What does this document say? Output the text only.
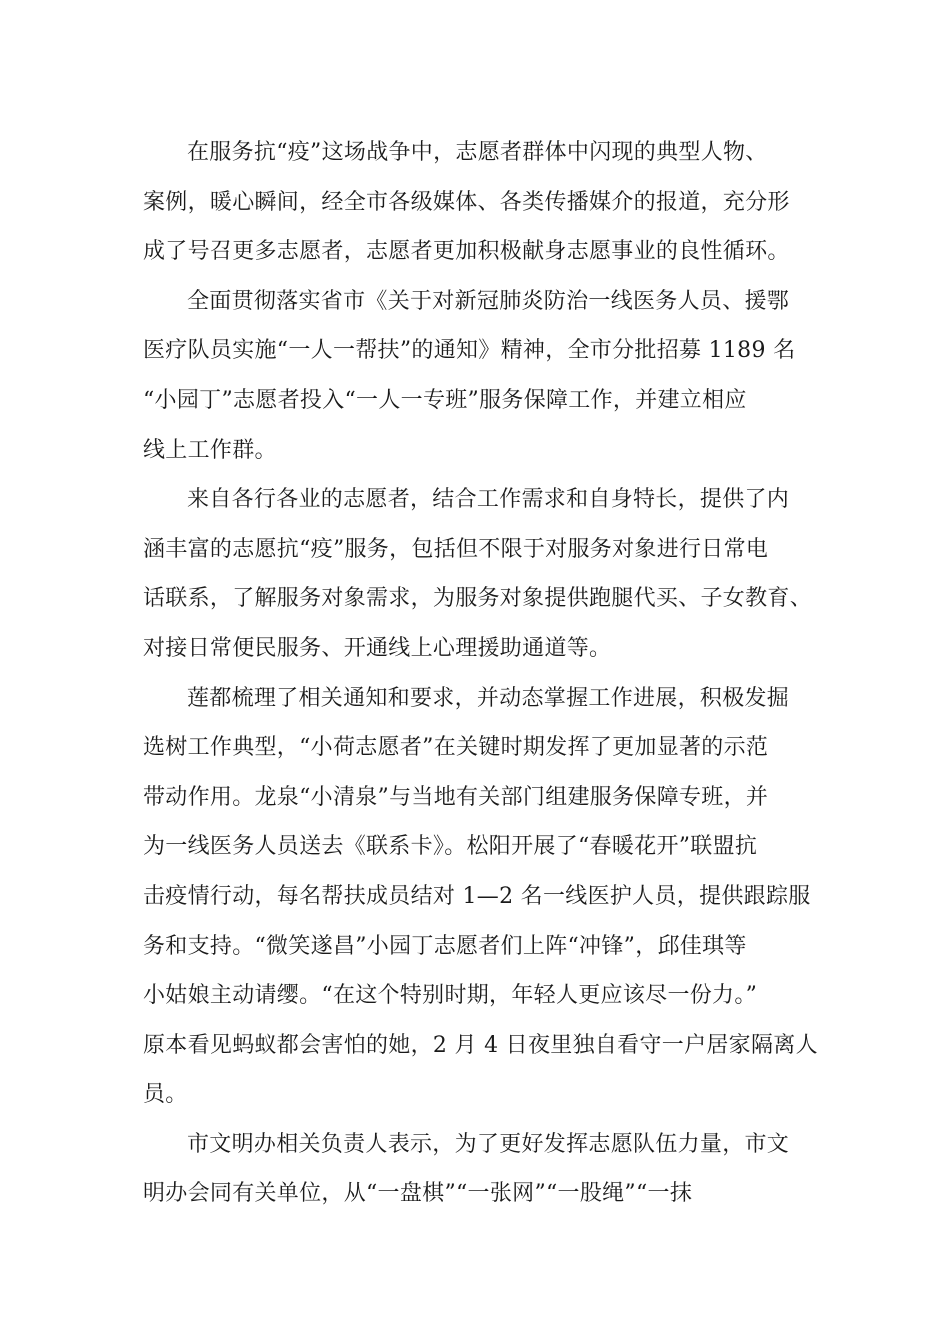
在服务抗“疫”这场战争中，志愿者群体中闪现的典型人物、
案例，暖心瞬间，经全市各级媒体、各类传播媒介的报道，充分形
成了号召更多志愿者，志愿者更加积极献身志愿事业的良性循环。

全面贯彻落实省市《关于对新冠肺炎防治一线医务人员、援鄂
医疗队员实施“一人一帮扶”的通知》精神，全市分批招募 1189 名
“小园丁”志愿者投入“一人一专班”服务保障工作，并建立相应
线上工作群。

来自各行各业的志愿者，结合工作需求和自身特长，提供了内
涵丰富的志愿抗“疫”服务，包括但不限于对服务对象进行日常电
话联系，了解服务对象需求，为服务对象提供跑腿代买、子女教育、
对接日常便民服务、开通线上心理援助通道等。

莲都梳理了相关通知和要求，并动态掌握工作进展，积极发掘
选树工作典型，“小荷志愿者”在关键时期发挥了更加显著的示范
带动作用。龙泉“小清泉”与当地有关部门组建服务保障专班，并
为一线医务人员送去《联系卡》。松阳开展了“春暖花开”联盟抗
击疫情行动，每名帮扶成员结对 1—2 名一线医护人员，提供跟踪服
务和支持。“微笑遂昌”小园丁志愿者们上阵“冲锋”，邱佳琪等
小姑娘主动请缨。“在这个特别时期，年轻人更应该尽一份力。”
原本看见蚂蚁都会害怕的她，2 月 4 日夜里独自看守一户居家隔离人
员。

市文明办相关负责人表示，为了更好发挥志愿队伍力量，市文
明办会同有关单位，从“一盘棋”“一张网”“一股绳”“一抹
